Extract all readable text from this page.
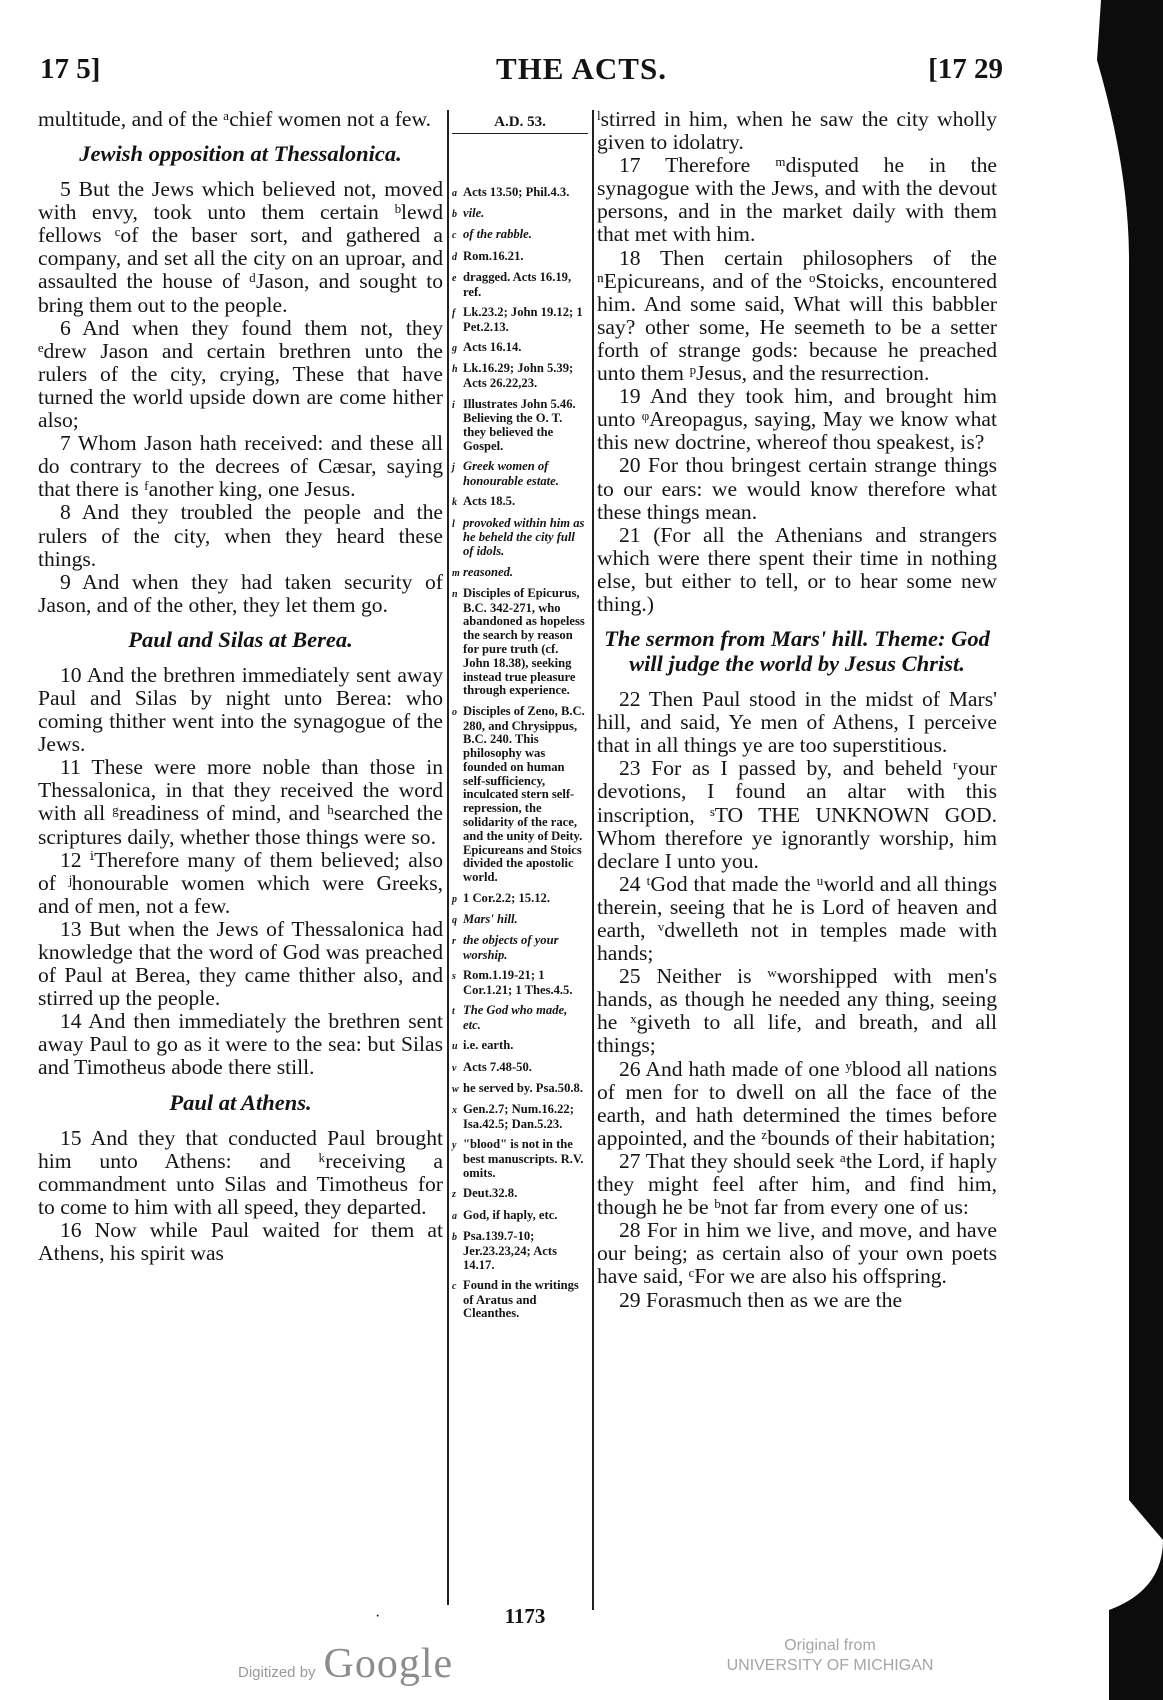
17 5]	THE ACTS.	[17 29

multitude, and of the ᵃchief women not a few.

Jewish opposition at Thessalonica.

5 But the Jews which believed not, moved with envy, took unto them certain ᵇlewd fellows ᶜof the baser sort, and gathered a company, and set all the city on an uproar, and assaulted the house of ᵈJason, and sought to bring them out to the people.

6 And when they found them not, they ᵉdrew Jason and certain brethren unto the rulers of the city, crying, These that have turned the world upside down are come hither also;

7 Whom Jason hath received: and these all do contrary to the decrees of Cæsar, saying that there is ᶠanother king, one Jesus.

8 And they troubled the people and the rulers of the city, when they heard these things.

9 And when they had taken security of Jason, and of the other, they let them go.

Paul and Silas at Berea.

10 And the brethren immediately sent away Paul and Silas by night unto Berea: who coming thither went into the synagogue of the Jews.

11 These were more noble than those in Thessalonica, in that they received the word with all ᵍreadiness of mind, and ʰsearched the scriptures daily, whether those things were so.

12 ⁱTherefore many of them believed; also of ʲhonourable women which were Greeks, and of men, not a few.

13 But when the Jews of Thessalonica had knowledge that the word of God was preached of Paul at Berea, they came thither also, and stirred up the people.

14 And then immediately the brethren sent away Paul to go as it were to the sea: but Silas and Timotheus abode there still.

Paul at Athens.

15 And they that conducted Paul brought him unto Athens: and ᵏreceiving a commandment unto Silas and Timotheus for to come to him with all speed, they departed.

16 Now while Paul waited for them at Athens, his spirit was

A.D. 53.
a Acts 13.50; Phil.4.3.
b vile.
c of the rabble.
d Rom.16.21.
e dragged. Acts 16.19, ref.
f Lk.23.2; John 19.12; 1 Pet.2.13.
g Acts 16.14.
h Lk.16.29; John 5.39; Acts 26.22,23.
i Illustrates John 5.46. Believing the O. T. they believed the Gospel.
j Greek women of honourable estate.
k Acts 18.5.
l provoked within him as he beheld the city full of idols.
m reasoned.
n Disciples of Epicurus, B.C. 342-271, who abandoned as hopeless the search by reason for pure truth (cf. John 18.38), seeking instead true pleasure through experience.
o Disciples of Zeno, B.C. 280, and Chrysippus, B.C. 240. This philosophy was founded on human self-sufficiency, inculcated stern self-repression, the solidarity of the race, and the unity of Deity. Epicureans and Stoics divided the apostolic world.
p 1 Cor.2.2; 15.12.
q Mars' hill.
r the objects of your worship.
s Rom.1.19-21; 1 Cor.1.21; 1 Thes.4.5.
t The God who made, etc.
u i.e. earth.
v Acts 7.48-50.
w he served by. Psa.50.8.
x Gen.2.7; Num.16.22; Isa.42.5; Dan.5.23.
y "blood" is not in the best manuscripts. R.V. omits.
z Deut.32.8.
a God, if haply, etc.
b Psa.139.7-10; Jer.23.23,24; Acts 14.17.
c Found in the writings of Aratus and Cleanthes.

ˡstirred in him, when he saw the city wholly given to idolatry.

17 Therefore ᵐdisputed he in the synagogue with the Jews, and with the devout persons, and in the market daily with them that met with him.

18 Then certain philosophers of the ⁿEpicureans, and of the ᵒStoicks, encountered him. And some said, What will this babbler say? other some, He seemeth to be a setter forth of strange gods: because he preached unto them ᵖJesus, and the resurrection.

19 And they took him, and brought him unto ᵠAreopagus, saying, May we know what this new doctrine, whereof thou speakest, is?

20 For thou bringest certain strange things to our ears: we would know therefore what these things mean.

21 (For all the Athenians and strangers which were there spent their time in nothing else, but either to tell, or to hear some new thing.)

The sermon from Mars' hill. Theme: God will judge the world by Jesus Christ.

22 Then Paul stood in the midst of Mars' hill, and said, Ye men of Athens, I perceive that in all things ye are too superstitious.

23 For as I passed by, and beheld ʳyour devotions, I found an altar with this inscription, ˢTO THE UNKNOWN GOD. Whom therefore ye ignorantly worship, him declare I unto you.

24 ᵗGod that made the ᵘworld and all things therein, seeing that he is Lord of heaven and earth, ᵛdwelleth not in temples made with hands;

25 Neither is ʷworshipped with men's hands, as though he needed any thing, seeing he ˣgiveth to all life, and breath, and all things;

26 And hath made of one ʸblood all nations of men for to dwell on all the face of the earth, and hath determined the times before appointed, and the ᶻbounds of their habitation;

27 That they should seek ᵃthe Lord, if haply they might feel after him, and find him, though he be ᵇnot far from every one of us:

28 For in him we live, and move, and have our being; as certain also of your own poets have said, ᶜFor we are also his offspring.

29 Forasmuch then as we are the

·	1173
Digitized by Google	Original from
UNIVERSITY OF MICHIGAN
